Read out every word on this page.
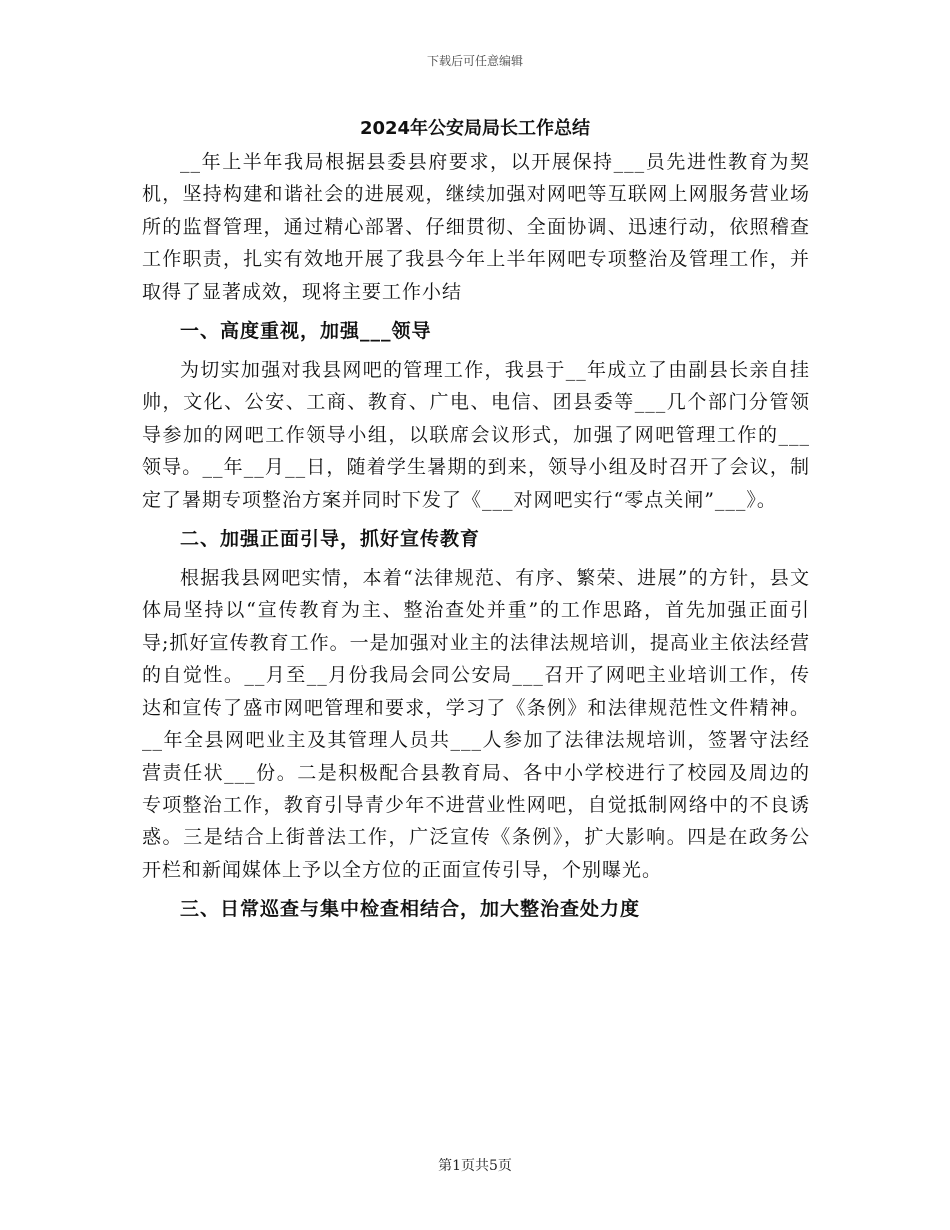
下载后可任意编辑
2024年公安局局长工作总结

__年上半年我局根据县委县府要求，以开展保持___员先进性教育为契机，坚持构建和谐社会的进展观，继续加强对网吧等互联网上网服务营业场所的监督管理，通过精心部署、仔细贯彻、全面协调、迅速行动，依照稽查工作职责，扎实有效地开展了我县今年上半年网吧专项整治及管理工作，并取得了显著成效，现将主要工作小结

一、高度重视，加强___领导

为切实加强对我县网吧的管理工作，我县于__年成立了由副县长亲自挂帅，文化、公安、工商、教育、广电、电信、团县委等___几个部门分管领导参加的网吧工作领导小组，以联席会议形式，加强了网吧管理工作的___领导。__年__月__日，随着学生暑期的到来，领导小组及时召开了会议，制定了暑期专项整治方案并同时下发了《___对网吧实行“零点关闸”___》。

二、加强正面引导，抓好宣传教育

根据我县网吧实情，本着“法律规范、有序、繁荣、进展”的方针，县文体局坚持以“宣传教育为主、整治查处并重”的工作思路，首先加强正面引导;抓好宣传教育工作。一是加强对业主的法律法规培训，提高业主依法经营的自觉性。__月至__月份我局会同公安局___召开了网吧主业培训工作，传达和宣传了盛市网吧管理和要求，学习了《条例》和法律规范性文件精神。__年全县网吧业主及其管理人员共___人参加了法律法规培训，签署守法经营责任状___份。二是积极配合县教育局、各中小学校进行了校园及周边的专项整治工作，教育引导青少年不进营业性网吧，自觉抵制网络中的不良诱惑。三是结合上街普法工作，广泛宣传《条例》，扩大影响。四是在政务公开栏和新闻媒体上予以全方位的正面宣传引导，个别曝光。

三、日常巡查与集中检查相结合，加大整治查处力度
第1页共5页
